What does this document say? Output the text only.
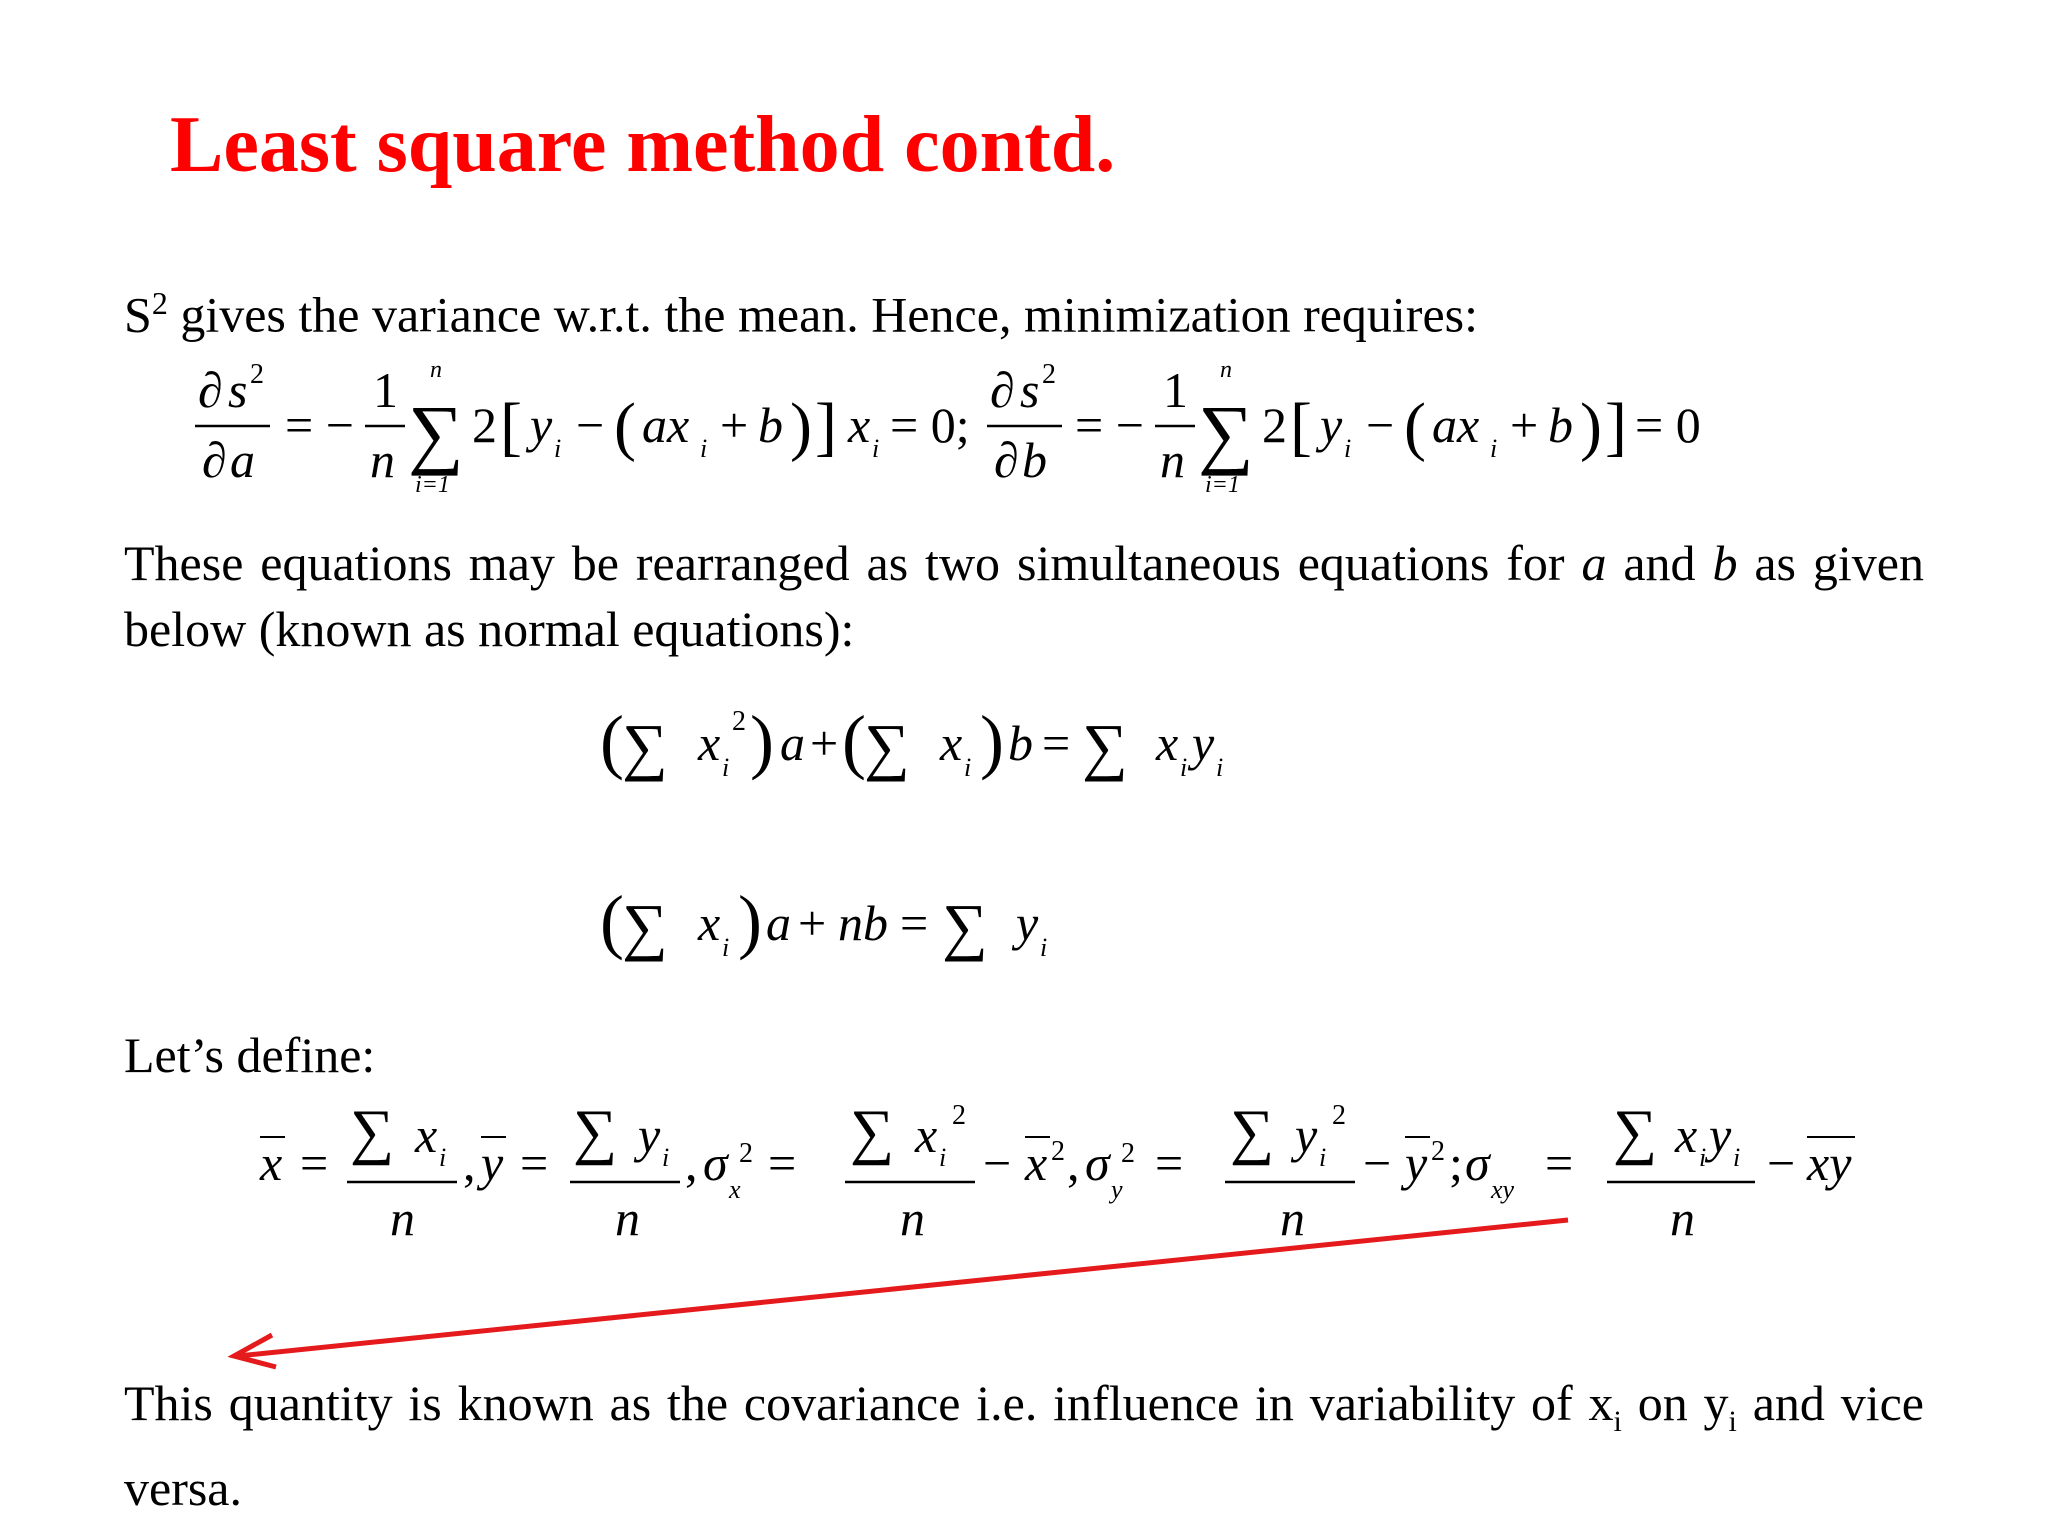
Least square method contd.

$S^2$ gives the variance w.r.t. the mean. Hence, minimization requires:

∂ s 2
∂ a
= −
1
n
n
∑
i=1
2 [ y i − ( ax i + b ) ] x i = 0;
∂ s 2
∂ b
= −
1
n
n
∑
i=1
2 [ y i − ( ax i + b ) ] = 0

These equations may be rearranged as two simultaneous equations for a and b as given below (known as normal equations):

(
∑ x i
2 ) a + (
∑ x i ) b = ∑ x i y i
(
∑ x i ) a + nb = ∑ y i

Let’s define:

x = ∑ x i
n
, y = ∑ y i
n
, σ x
2 = ∑ x i
2
n
− x 2 , σ y
2 = ∑ y i
2
n
− y 2 ; σ xy = ∑ x i y i
n
− xy

This quantity is known as the covariance i.e. influence in variability of $x_i$ on $y_i$ and vice versa.
